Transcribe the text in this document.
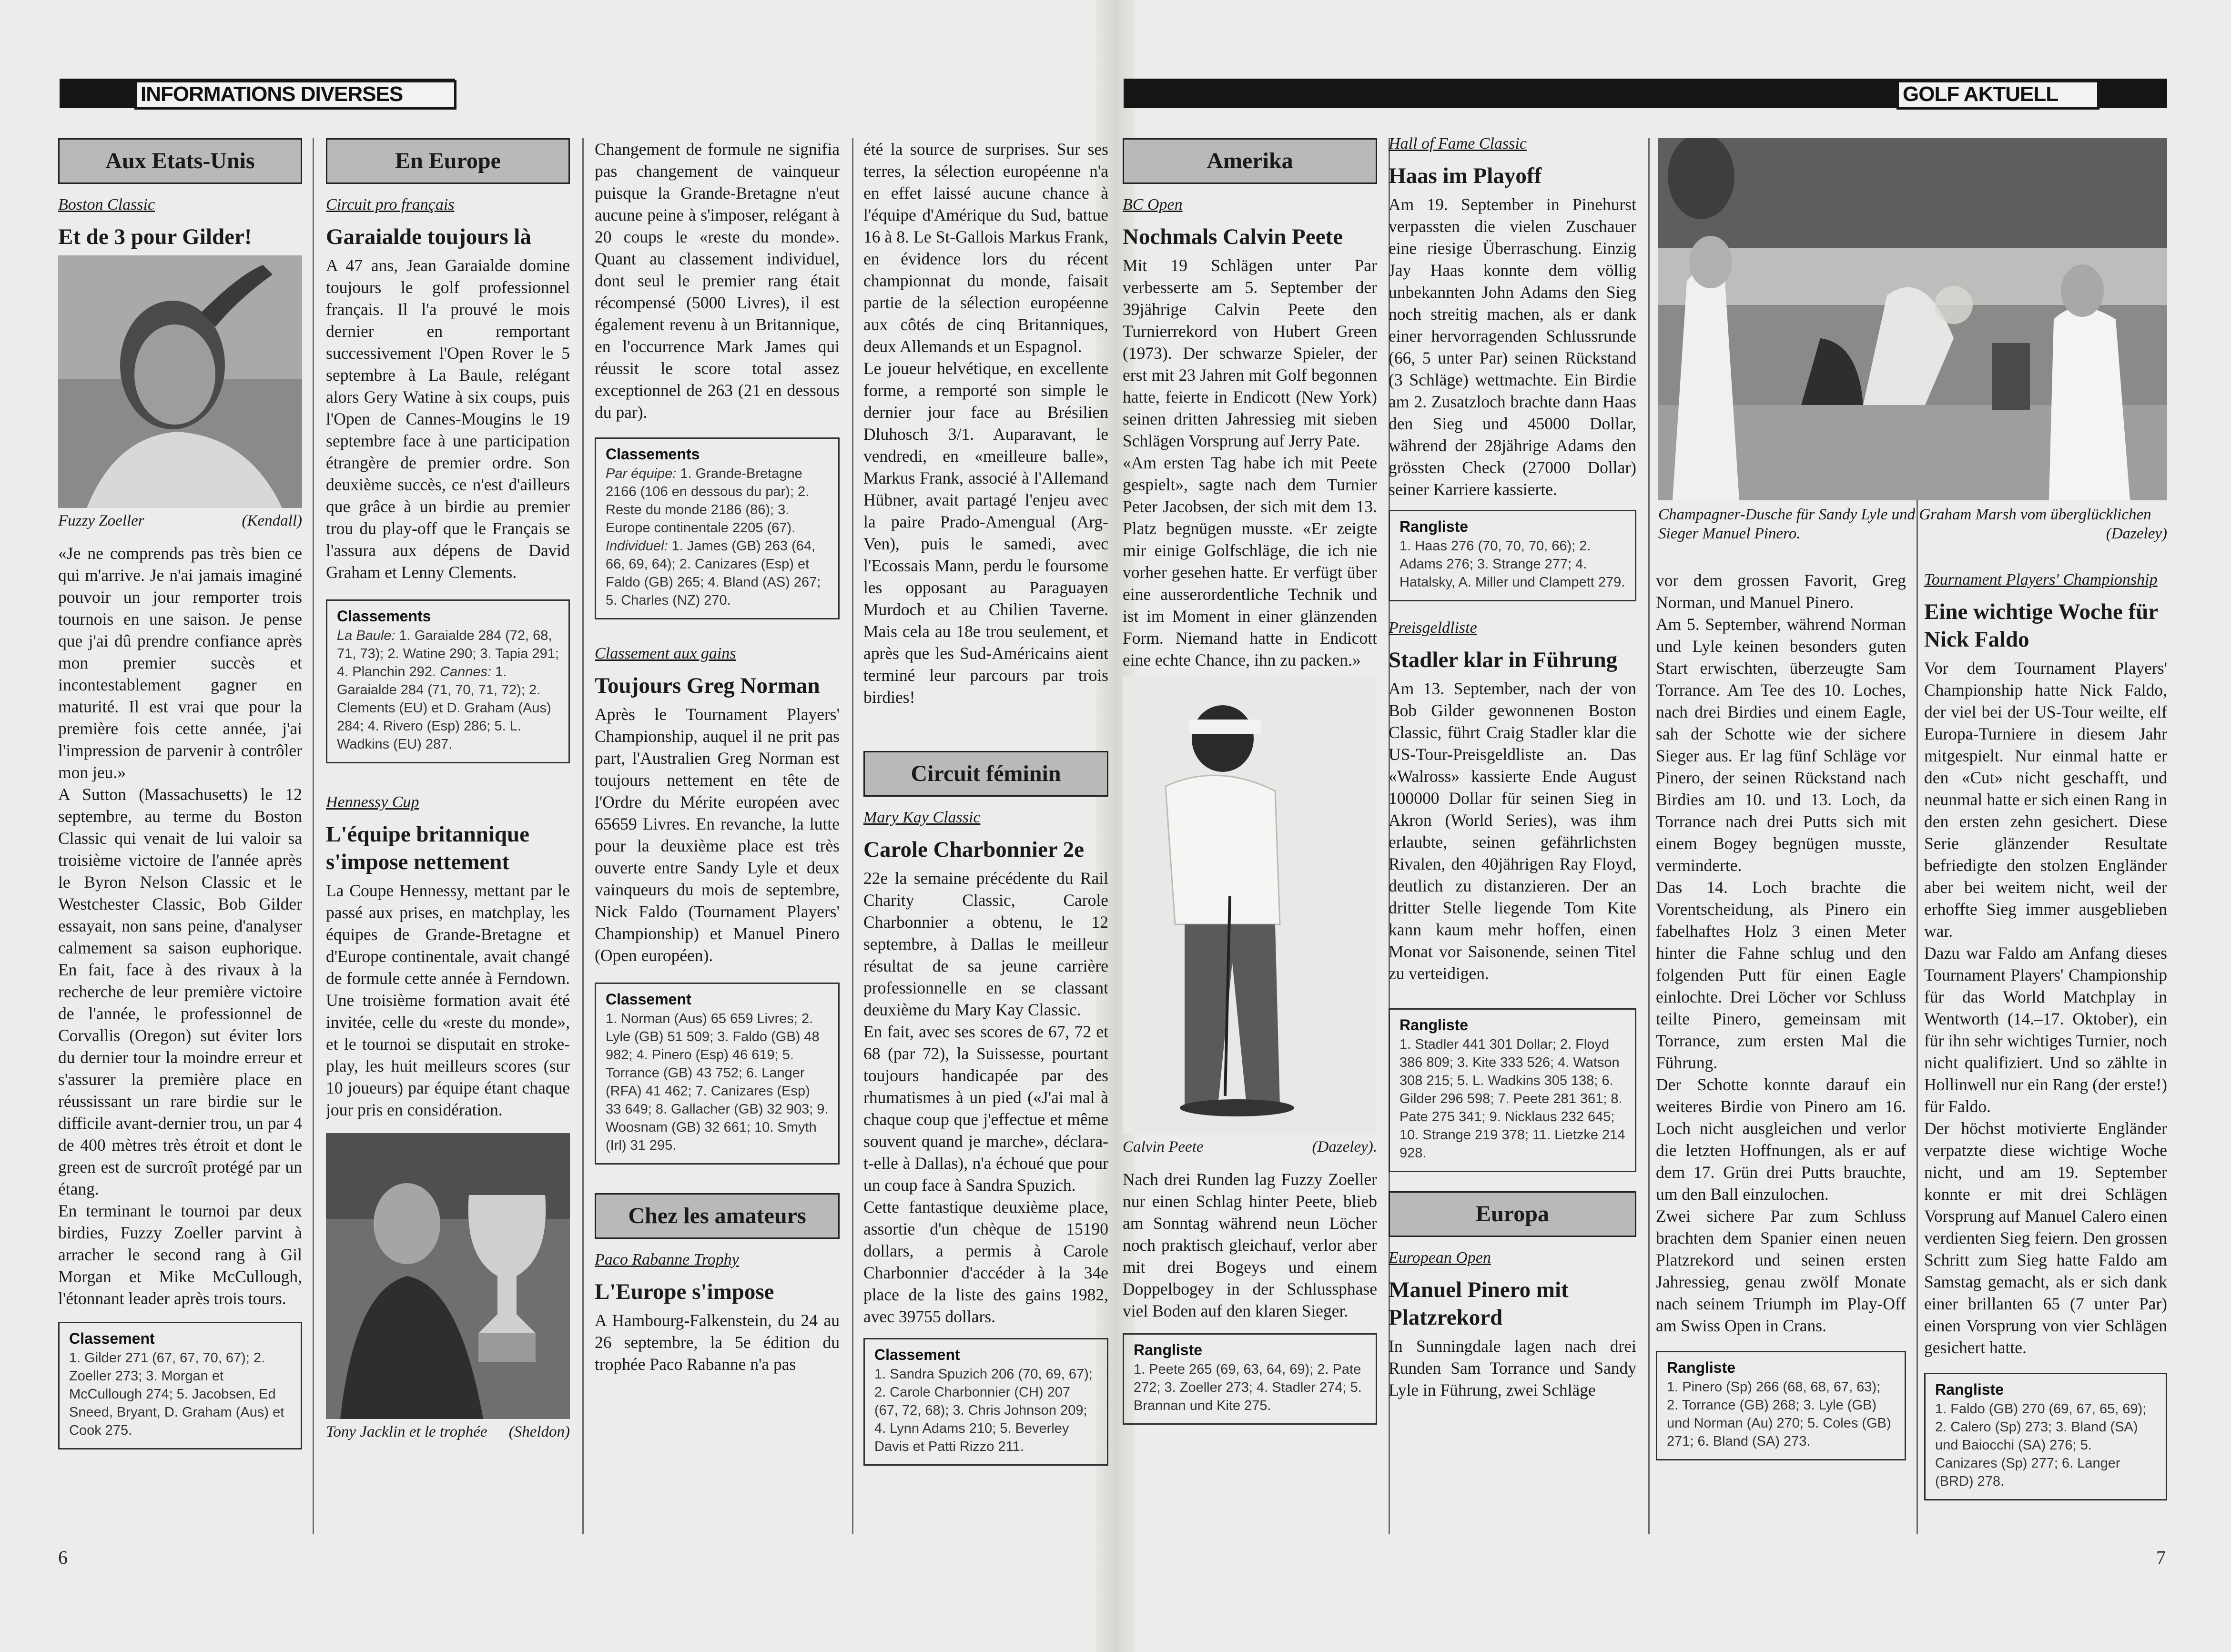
INFORMATIONS DIVERSES	GOLF AKTUELL
Aux Etats-Unis
Boston Classic
Et de 3 pour Gilder!
Fuzzy Zoeller	(Kendall)

«Je ne comprends pas très bien ce qui m'arrive. Je n'ai jamais imaginé pouvoir un jour remporter trois tournois en une saison. Je pense que j'ai dû prendre confiance après mon premier succès et incontestablement gagner en maturité. Il est vrai que pour la première fois cette année, j'ai l'impression de parvenir à contrôler mon jeu.»

A Sutton (Massachusetts) le 12 septembre, au terme du Boston Classic qui venait de lui valoir sa troisième victoire de l'année après le Byron Nelson Classic et le Westchester Classic, Bob Gilder essayait, non sans peine, d'analyser calmement sa saison euphorique. En fait, face à des rivaux à la recherche de leur première victoire de l'année, le professionnel de Corvallis (Oregon) sut éviter lors du dernier tour la moindre erreur et s'assurer la première place en réussissant un rare birdie sur le difficile avant-dernier trou, un par 4 de 400 mètres très étroit et dont le green est de surcroît protégé par un étang.

En terminant le tournoi par deux birdies, Fuzzy Zoeller parvint à arracher le second rang à Gil Morgan et Mike McCullough, l'étonnant leader après trois tours.

Classement
1. Gilder 271 (67, 67, 70, 67); 2. Zoeller 273; 3. Morgan et McCullough 274; 5. Jacobsen, Ed Sneed, Bryant, D. Graham (Aus) et Cook 275.
En Europe
Circuit pro français
Garaialde toujours là

A 47 ans, Jean Garaialde domine toujours le golf professionnel français. Il l'a prouvé le mois dernier en remportant successivement l'Open Rover le 5 septembre à La Baule, relégant alors Gery Watine à six coups, puis l'Open de Cannes-Mougins le 19 septembre face à une participation étrangère de premier ordre. Son deuxième succès, ce n'est d'ailleurs que grâce à un birdie au premier trou du play-off que le Français se l'assura aux dépens de David Graham et Lenny Clements.

Classements
La Baule: 1. Garaialde 284 (72, 68, 71, 73); 2. Watine 290; 3. Tapia 291; 4. Planchin 292. Cannes: 1. Garaialde 284 (71, 70, 71, 72); 2. Clements (EU) et D. Graham (Aus) 284; 4. Rivero (Esp) 286; 5. L. Wadkins (EU) 287.
Hennessy Cup
L'équipe britannique s'impose nettement

La Coupe Hennessy, mettant par le passé aux prises, en matchplay, les équipes de Grande-Bretagne et d'Europe continentale, avait changé de formule cette année à Ferndown. Une troisième formation avait été invitée, celle du «reste du monde», et le tournoi se disputait en stroke-play, les huit meilleurs scores (sur 10 joueurs) par équipe étant chaque jour pris en considération.

Tony Jacklin et le trophée (Sheldon)

Changement de formule ne signifia pas changement de vainqueur puisque la Grande-Bretagne n'eut aucune peine à s'imposer, relégant à 20 coups le «reste du monde». Quant au classement individuel, dont seul le premier rang était récompensé (5000 Livres), il est également revenu à un Britannique, en l'occurrence Mark James qui réussit le score total assez exceptionnel de 263 (21 en dessous du par).

Classements
Par équipe: 1. Grande-Bretagne 2166 (106 en dessous du par); 2. Reste du monde 2186 (86); 3. Europe continentale 2205 (67). Individuel: 1. James (GB) 263 (64, 66, 69, 64); 2. Canizares (Esp) et Faldo (GB) 265; 4. Bland (AS) 267; 5. Charles (NZ) 270.
Classement aux gains
Toujours Greg Norman

Après le Tournament Players' Championship, auquel il ne prit pas part, l'Australien Greg Norman est toujours nettement en tête de l'Ordre du Mérite européen avec 65659 Livres. En revanche, la lutte pour la deuxième place est très ouverte entre Sandy Lyle et deux vainqueurs du mois de septembre, Nick Faldo (Tournament Players' Championship) et Manuel Pinero (Open européen).

Classement
1. Norman (Aus) 65 659 Livres; 2. Lyle (GB) 51 509; 3. Faldo (GB) 48 982; 4. Pinero (Esp) 46 619; 5. Torrance (GB) 43 752; 6. Langer (RFA) 41 462; 7. Canizares (Esp) 33 649; 8. Gallacher (GB) 32 903; 9. Woosnam (GB) 32 661; 10. Smyth (Irl) 31 295.
Chez les amateurs
Paco Rabanne Trophy
L'Europe s'impose

A Hambourg-Falkenstein, du 24 au 26 septembre, la 5e édition du trophée Paco Rabanne n'a pas

été la source de surprises. Sur ses terres, la sélection européenne n'a en effet laissé aucune chance à l'équipe d'Amérique du Sud, battue 16 à 8. Le St-Gallois Markus Frank, en évidence lors du récent championnat du monde, faisait partie de la sélection européenne aux côtés de cinq Britanniques, deux Allemands et un Espagnol.

Le joueur helvétique, en excellente forme, a remporté son simple le dernier jour face au Brésilien Dluhosch 3/1. Auparavant, le vendredi, en «meilleure balle», Markus Frank, associé à l'Allemand Hübner, avait partagé l'enjeu avec la paire Prado-Amengual (Arg-Ven), puis le samedi, avec l'Ecossais Mann, perdu le foursome les opposant au Paraguayen Murdoch et au Chilien Taverne. Mais cela au 18e trou seulement, et après que les Sud-Américains aient terminé leur parcours par trois birdies!

Circuit féminin
Mary Kay Classic
Carole Charbonnier 2e

22e la semaine précédente du Rail Charity Classic, Carole Charbonnier a obtenu, le 12 septembre, à Dallas le meilleur résultat de sa jeune carrière professionnelle en se classant deuxième du Mary Kay Classic.

En fait, avec ses scores de 67, 72 et 68 (par 72), la Suissesse, pourtant toujours handicapée par des rhumatismes à un pied («J'ai mal à chaque coup que j'effectue et même souvent quand je marche», déclara-t-elle à Dallas), n'a échoué que pour un coup face à Sandra Spuzich.

Cette fantastique deuxième place, assortie d'un chèque de 15190 dollars, a permis à Carole Charbonnier d'accéder à la 34e place de la liste des gains 1982, avec 39755 dollars.

Classement
1. Sandra Spuzich 206 (70, 69, 67); 2. Carole Charbonnier (CH) 207 (67, 72, 68); 3. Chris Johnson 209; 4. Lynn Adams 210; 5. Beverley Davis et Patti Rizzo 211.
Amerika
BC Open
Nochmals Calvin Peete

Mit 19 Schlägen unter Par verbesserte am 5. September der 39jährige Calvin Peete den Turnierrekord von Hubert Green (1973). Der schwarze Spieler, der erst mit 23 Jahren mit Golf begonnen hatte, feierte in Endicott (New York) seinen dritten Jahressieg mit sieben Schlägen Vorsprung auf Jerry Pate.

«Am ersten Tag habe ich mit Peete gespielt», sagte nach dem Turnier Peter Jacobsen, der sich mit dem 13. Platz begnügen musste. «Er zeigte mir einige Golfschläge, die ich nie vorher gesehen hatte. Er verfügt über eine ausserordentliche Technik und ist im Moment in einer glänzenden Form. Niemand hatte in Endicott eine echte Chance, ihn zu packen.»

Calvin Peete	(Dazeley).

Nach drei Runden lag Fuzzy Zoeller nur einen Schlag hinter Peete, blieb am Sonntag während neun Löcher noch praktisch gleichauf, verlor aber mit drei Bogeys und einem Doppelbogey in der Schlussphase viel Boden auf den klaren Sieger.

Rangliste
1. Peete 265 (69, 63, 64, 69); 2. Pate 272; 3. Zoeller 273; 4. Stadler 274; 5. Brannan und Kite 275.
Hall of Fame Classic
Haas im Playoff

Am 19. September in Pinehurst verpassten die vielen Zuschauer eine riesige Überraschung. Einzig Jay Haas konnte dem völlig unbekannten John Adams den Sieg noch streitig machen, als er dank einer hervorragenden Schlussrunde (66, 5 unter Par) seinen Rückstand (3 Schläge) wettmachte. Ein Birdie am 2. Zusatzloch brachte dann Haas den Sieg und 45000 Dollar, während der 28jährige Adams den grössten Check (27000 Dollar) seiner Karriere kassierte.

Rangliste
1. Haas 276 (70, 70, 70, 66); 2. Adams 276; 3. Strange 277; 4. Hatalsky, A. Miller und Clampett 279.
Preisgeldliste
Stadler klar in Führung

Am 13. September, nach der von Bob Gilder gewonnenen Boston Classic, führt Craig Stadler klar die US-Tour-Preisgeldliste an. Das «Walross» kassierte Ende August 100000 Dollar für seinen Sieg in Akron (World Series), was ihm erlaubte, seinen gefährlichsten Rivalen, den 40jährigen Ray Floyd, deutlich zu distanzieren. Der an dritter Stelle liegende Tom Kite kann kaum mehr hoffen, einen Monat vor Saisonende, seinen Titel zu verteidigen.

Rangliste
1. Stadler 441 301 Dollar; 2. Floyd 386 809; 3. Kite 333 526; 4. Watson 308 215; 5. L. Wadkins 305 138; 6. Gilder 296 598; 7. Peete 281 361; 8. Pate 275 341; 9. Nicklaus 232 645; 10. Strange 219 378; 11. Lietzke 214 928.
Europa
European Open
Manuel Pinero mit Platzrekord

In Sunningdale lagen nach drei Runden Sam Torrance und Sandy Lyle in Führung, zwei Schläge

Champagner-Dusche für Sandy Lyle und Graham Marsh vom überglücklichen Sieger Manuel Pinero.	(Dazeley)

vor dem grossen Favorit, Greg Norman, und Manuel Pinero.

Am 5. September, während Norman und Lyle keinen besonders guten Start erwischten, überzeugte Sam Torrance. Am Tee des 10. Loches, nach drei Birdies und einem Eagle, sah der Schotte wie der sichere Sieger aus. Er lag fünf Schläge vor Pinero, der seinen Rückstand nach Birdies am 10. und 13. Loch, da Torrance nach drei Putts sich mit einem Bogey begnügen musste, verminderte.

Das 14. Loch brachte die Vorentscheidung, als Pinero ein fabelhaftes Holz 3 einen Meter hinter die Fahne schlug und den folgenden Putt für einen Eagle einlochte. Drei Löcher vor Schluss teilte Pinero, gemeinsam mit Torrance, zum ersten Mal die Führung.

Der Schotte konnte darauf ein weiteres Birdie von Pinero am 16. Loch nicht ausgleichen und verlor die letzten Hoffnungen, als er auf dem 17. Grün drei Putts brauchte, um den Ball einzulochen.

Zwei sichere Par zum Schluss brachten dem Spanier einen neuen Platzrekord und seinen ersten Jahressieg, genau zwölf Monate nach seinem Triumph im Play-Off am Swiss Open in Crans.

Rangliste
1. Pinero (Sp) 266 (68, 68, 67, 63); 2. Torrance (GB) 268; 3. Lyle (GB) und Norman (Au) 270; 5. Coles (GB) 271; 6. Bland (SA) 273.
Tournament Players' Championship
Eine wichtige Woche für Nick Faldo

Vor dem Tournament Players' Championship hatte Nick Faldo, der viel bei der US-Tour weilte, elf Europa-Turniere in diesem Jahr mitgespielt. Nur einmal hatte er den «Cut» nicht geschafft, und neunmal hatte er sich einen Rang in den ersten zehn gesichert. Diese Serie glänzender Resultate befriedigte den stolzen Engländer aber bei weitem nicht, weil der erhoffte Sieg immer ausgeblieben war.

Dazu war Faldo am Anfang dieses Tournament Players' Championship für das World Matchplay in Wentworth (14.–17. Oktober), ein für ihn sehr wichtiges Turnier, noch nicht qualifiziert. Und so zählte in Hollinwell nur ein Rang (der erste!) für Faldo.

Der höchst motivierte Engländer verpatzte diese wichtige Woche nicht, und am 19. September konnte er mit drei Schlägen Vorsprung auf Manuel Calero einen verdienten Sieg feiern. Den grossen Schritt zum Sieg hatte Faldo am Samstag gemacht, als er sich dank einer brillanten 65 (7 unter Par) einen Vorsprung von vier Schlägen gesichert hatte.

Rangliste
1. Faldo (GB) 270 (69, 67, 65, 69); 2. Calero (Sp) 273; 3. Bland (SA) und Baiocchi (SA) 276; 5. Canizares (Sp) 277; 6. Langer (BRD) 278.
6	7
